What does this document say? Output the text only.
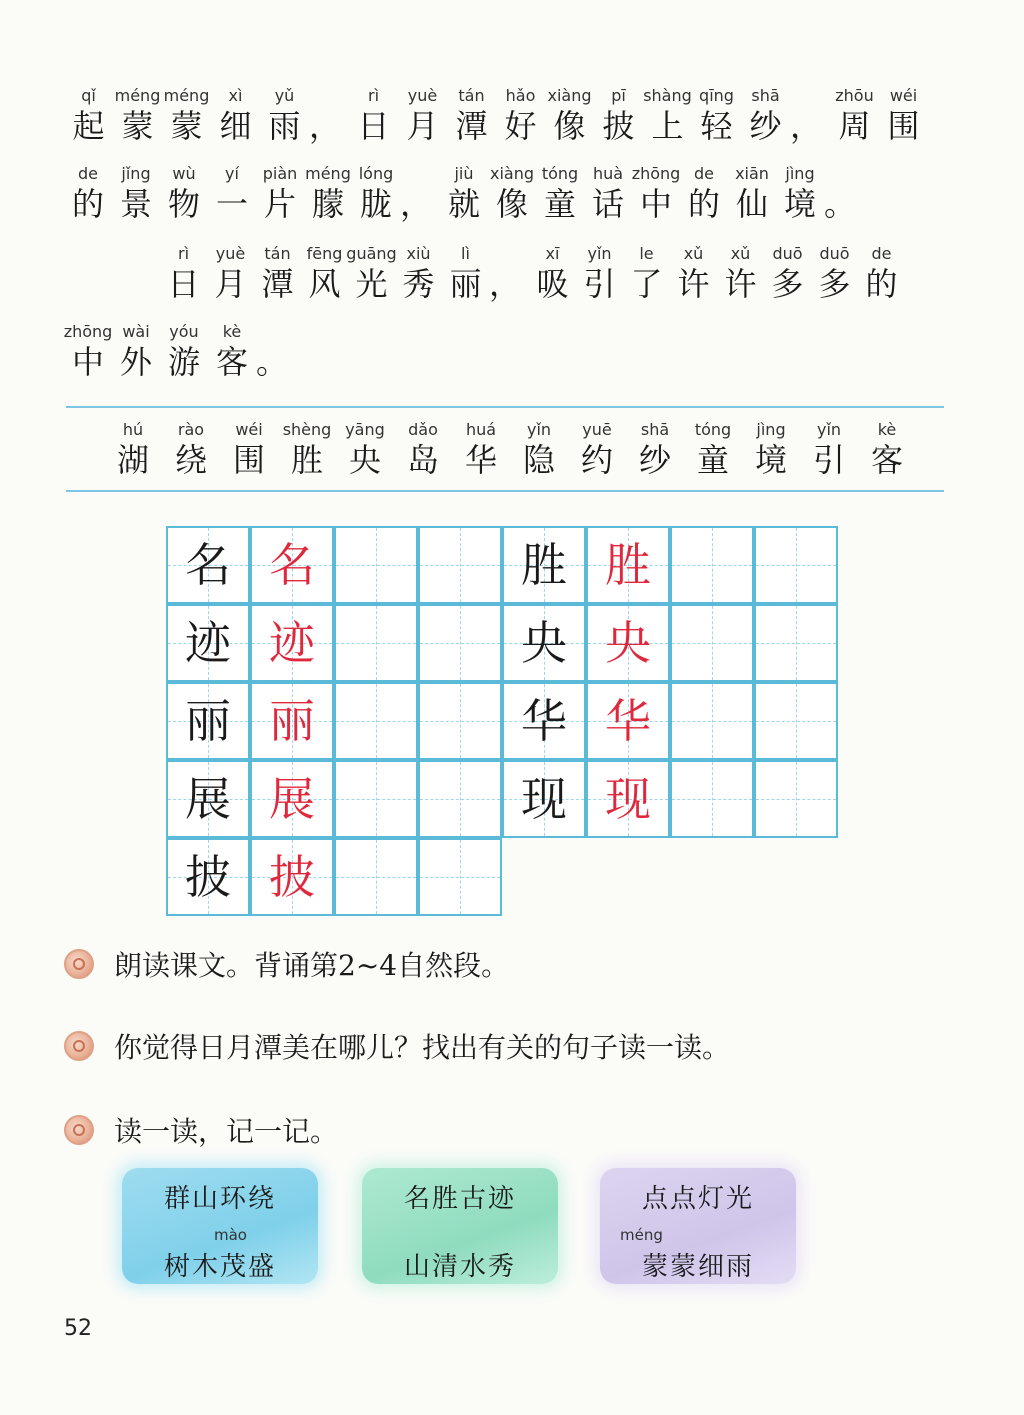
qǐ
起
méng
蒙
méng
蒙
xì
细
yǔ
雨 ，
rì
日
yuè
月
tán
潭
hǎo
好
xiàng
像
pī
披
shàng
上
qīng
轻
shā
纱 ，
zhōu
周
wéi
围
de
的
jǐng
景
wù
物
yí
一
piàn
片
méng
朦
lóng
胧 ，
jiù
就
xiàng
像
tóng
童
huà
话
zhōng
中
de
的
xiān
仙
jìng
境 。
rì
日
yuè
月
tán
潭
fēng
风
guāng
光
xiù
秀
lì
丽 ，
xī
吸
yǐn
引
le
了
xǔ
许
xǔ
许
duō
多
duō
多
de
的
zhōng
中
wài
外
yóu
游
kè
客 。
hú
湖
rào
绕
wéi
围
shèng
胜
yāng
央
dǎo
岛
huá
华
yǐn
隐
yuē
约
shā
纱
tóng
童
jìng
境
yǐn
引
kè
客
名 名
迹 迹
丽 丽
展 展
披 披
胜 胜
央 央
华 华
现 现
朗读课文。背诵第2~4自然段。
你觉得日月潭美在哪儿？找出有关的句子读一读。
读一读，记一记。
群山环绕
mào
树木茂盛
名胜古迹
山清水秀
点点灯光
méng
蒙蒙细雨
52
